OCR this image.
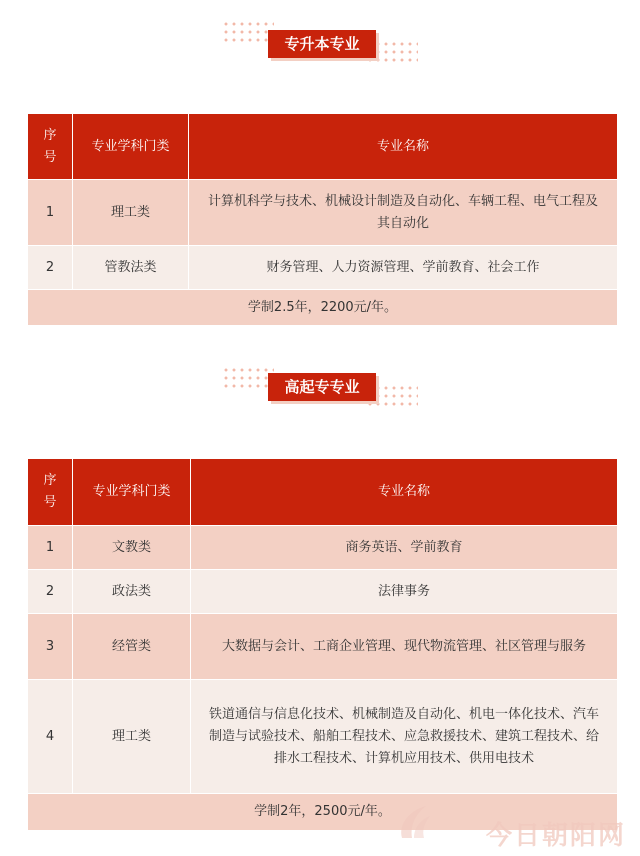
专升本专业
序号	专业学科门类	专业名称
1	理工类	计算机科学与技术、机械设计制造及自动化、车辆工程、电气工程及其自动化
2	管教法类	财务管理、人力资源管理、学前教育、社会工作
学制2.5年，2200元/年。		
高起专专业
序号	专业学科门类	专业名称
1	文教类	商务英语、学前教育
2	政法类	法律事务
3	经管类	大数据与会计、工商企业管理、现代物流管理、社区管理与服务
4	理工类	铁道通信与信息化技术、机械制造及自动化、机电一体化技术、汽车制造与试验技术、船舶工程技术、应急救援技术、建筑工程技术、给排水工程技术、计算机应用技术、供用电技术
学制2年，2500元/年。		
今日朝阳网
